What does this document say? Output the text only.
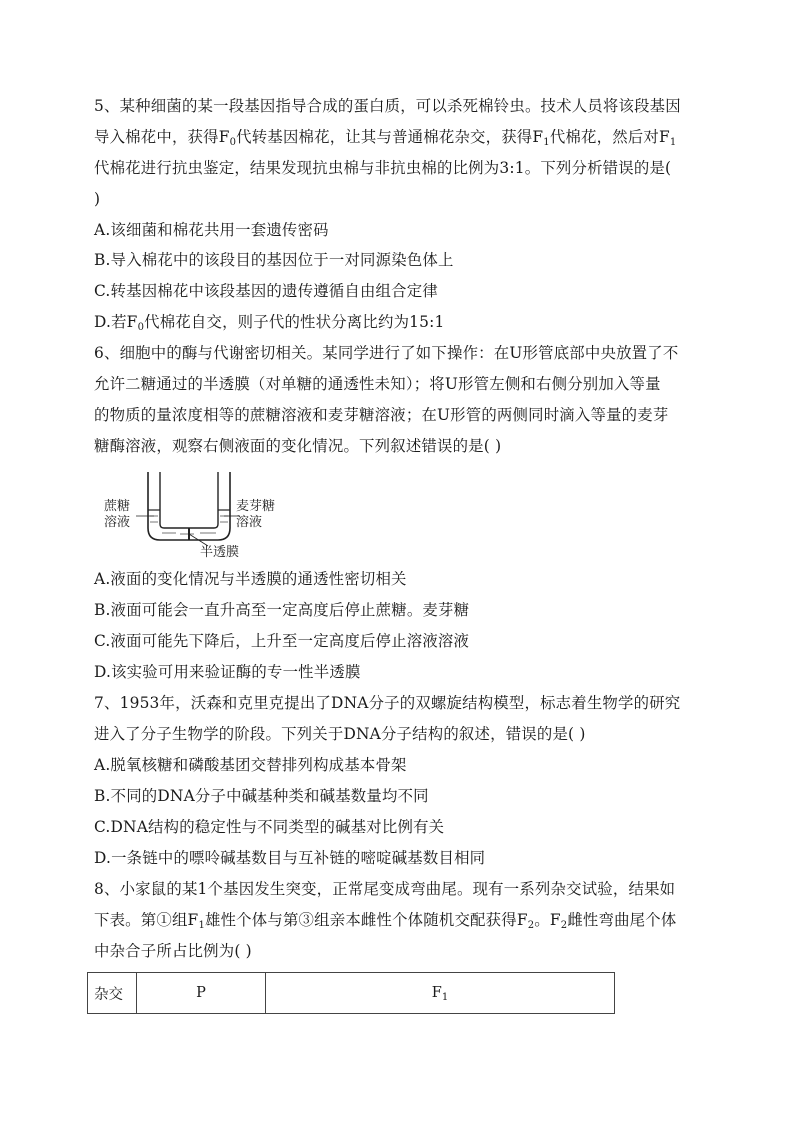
5、某种细菌的某一段基因指导合成的蛋白质，可以杀死棉铃虫。技术人员将该段基因
导入棉花中，获得$F_0$代转基因棉花，让其与普通棉花杂交，获得$F_1$代棉花，然后对$F_1$
代棉花进行抗虫鉴定，结果发现抗虫棉与非抗虫棉的比例为3:1。下列分析错误的是(
)
A.该细菌和棉花共用一套遗传密码
B.导入棉花中的该段目的基因位于一对同源染色体上
C.转基因棉花中该段基因的遗传遵循自由组合定律
D.若$F_0$代棉花自交，则子代的性状分离比约为15:1
6、细胞中的酶与代谢密切相关。某同学进行了如下操作：在U形管底部中央放置了不
允许二糖通过的半透膜（对单糖的通透性未知）；将U形管左侧和右侧分别加入等量
的物质的量浓度相等的蔗糖溶液和麦芽糖溶液；在U形管的两侧同时滴入等量的麦芽
糖酶溶液，观察右侧液面的变化情况。下列叙述错误的是( )
蔗糖
溶液
麦芽糖
溶液
半透膜
A.液面的变化情况与半透膜的通透性密切相关
B.液面可能会一直升高至一定高度后停止蔗糖。麦芽糖
C.液面可能先下降后，上升至一定高度后停止溶液溶液
D.该实验可用来验证酶的专一性半透膜
7、1953年，沃森和克里克提出了DNA分子的双螺旋结构模型，标志着生物学的研究
进入了分子生物学的阶段。下列关于DNA分子结构的叙述，错误的是( )
A.脱氧核糖和磷酸基团交替排列构成基本骨架
B.不同的DNA分子中碱基种类和碱基数量均不同
C.DNA结构的稳定性与不同类型的碱基对比例有关
D.一条链中的嘌呤碱基数目与互补链的嘧啶碱基数目相同
8、小家鼠的某1个基因发生突变，正常尾变成弯曲尾。现有一系列杂交试验，结果如
下表。第①组$F_1$雄性个体与第③组亲本雌性个体随机交配获得$F_2$。$F_2$雌性弯曲尾个体
中杂合子所占比例为( )
杂交	P	$F_1$
